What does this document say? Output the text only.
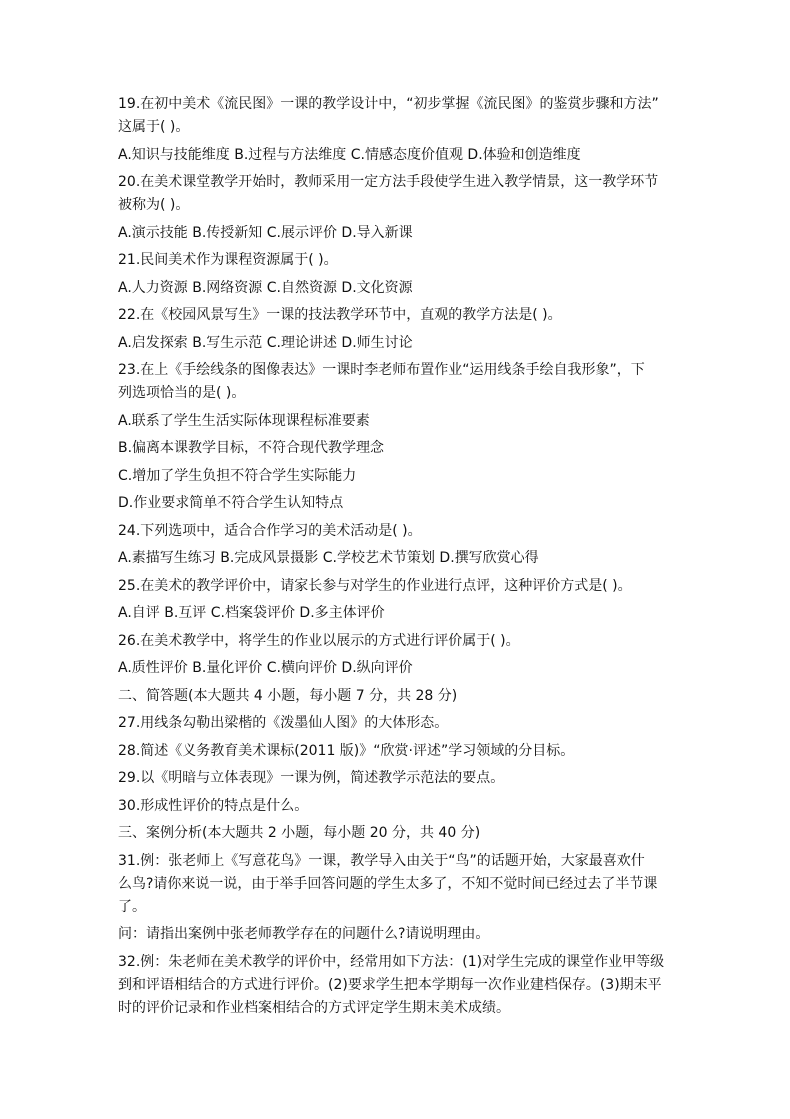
19.在初中美术《流民图》一课的教学设计中，“初步掌握《流民图》的鉴赏步骤和方法”
这属于( )。
A.知识与技能维度 B.过程与方法维度 C.情感态度价值观 D.体验和创造维度
20.在美术课堂教学开始时，教师采用一定方法手段使学生进入教学情景，这一教学环节
被称为( )。
A.演示技能 B.传授新知 C.展示评价 D.导入新课
21.民间美术作为课程资源属于( )。
A.人力资源 B.网络资源 C.自然资源 D.文化资源
22.在《校园风景写生》一课的技法教学环节中，直观的教学方法是( )。
A.启发探索 B.写生示范 C.理论讲述 D.师生讨论
23.在上《手绘线条的图像表达》一课时李老师布置作业“运用线条手绘自我形象”，下
列选项恰当的是( )。
A.联系了学生生活实际体现课程标准要素
B.偏离本课教学目标，不符合现代教学理念
C.增加了学生负担不符合学生实际能力
D.作业要求简单不符合学生认知特点
24.下列选项中，适合合作学习的美术活动是( )。
A.素描写生练习 B.完成风景摄影 C.学校艺术节策划 D.撰写欣赏心得
25.在美术的教学评价中，请家长参与对学生的作业进行点评，这种评价方式是( )。
A.自评 B.互评 C.档案袋评价 D.多主体评价
26.在美术教学中，将学生的作业以展示的方式进行评价属于( )。
A.质性评价 B.量化评价 C.横向评价 D.纵向评价
二、简答题(本大题共 4 小题，每小题 7 分，共 28 分)
27.用线条勾勒出梁楷的《泼墨仙人图》的大体形态。
28.简述《义务教育美术课标(2011 版)》“欣赏·评述”学习领域的分目标。
29.以《明暗与立体表现》一课为例，简述教学示范法的要点。
30.形成性评价的特点是什么。
三、案例分析(本大题共 2 小题，每小题 20 分，共 40 分)
31.例：张老师上《写意花鸟》一课，教学导入由关于“鸟”的话题开始，大家最喜欢什
么鸟?请你来说一说，由于举手回答问题的学生太多了，不知不觉时间已经过去了半节课
了。
问：请指出案例中张老师教学存在的问题什么?请说明理由。
32.例：朱老师在美术教学的评价中，经常用如下方法：(1)对学生完成的课堂作业甲等级
到和评语相结合的方式进行评价。(2)要求学生把本学期每一次作业建档保存。(3)期末平
时的评价记录和作业档案相结合的方式评定学生期末美术成绩。
